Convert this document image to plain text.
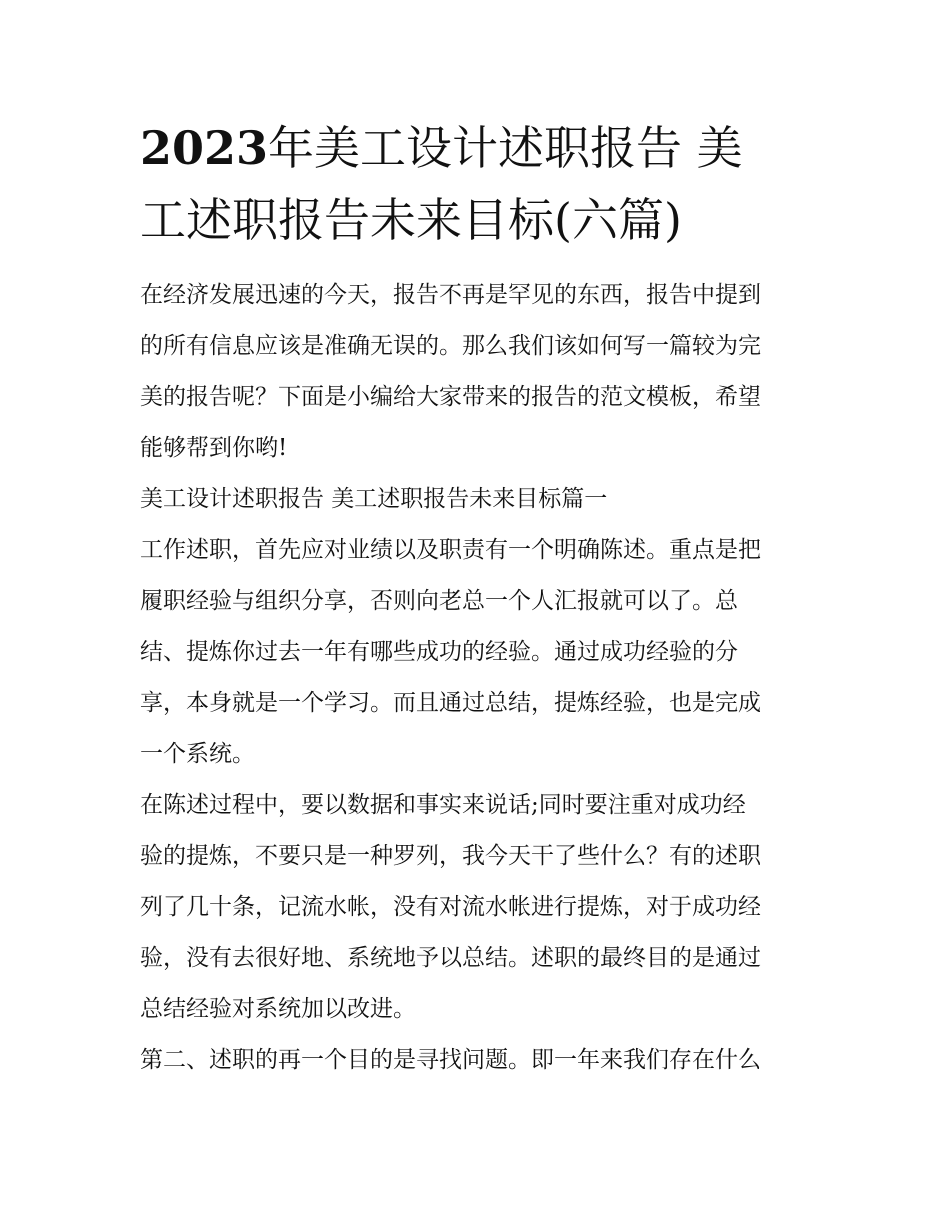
2023年美工设计述职报告 美
工述职报告未来目标(六篇)

在经济发展迅速的今天，报告不再是罕见的东西，报告中提到
的所有信息应该是准确无误的。那么我们该如何写一篇较为完
美的报告呢？下面是小编给大家带来的报告的范文模板，希望
能够帮到你哟!

美工设计述职报告 美工述职报告未来目标篇一

工作述职，首先应对业绩以及职责有一个明确陈述。重点是把
履职经验与组织分享，否则向老总一个人汇报就可以了。总
结、提炼你过去一年有哪些成功的经验。通过成功经验的分
享，本身就是一个学习。而且通过总结，提炼经验，也是完成
一个系统。

在陈述过程中，要以数据和事实来说话;同时要注重对成功经
验的提炼，不要只是一种罗列，我今天干了些什么？有的述职
列了几十条，记流水帐，没有对流水帐进行提炼，对于成功经
验，没有去很好地、系统地予以总结。述职的最终目的是通过
总结经验对系统加以改进。

第二、述职的再一个目的是寻找问题。即一年来我们存在什么
